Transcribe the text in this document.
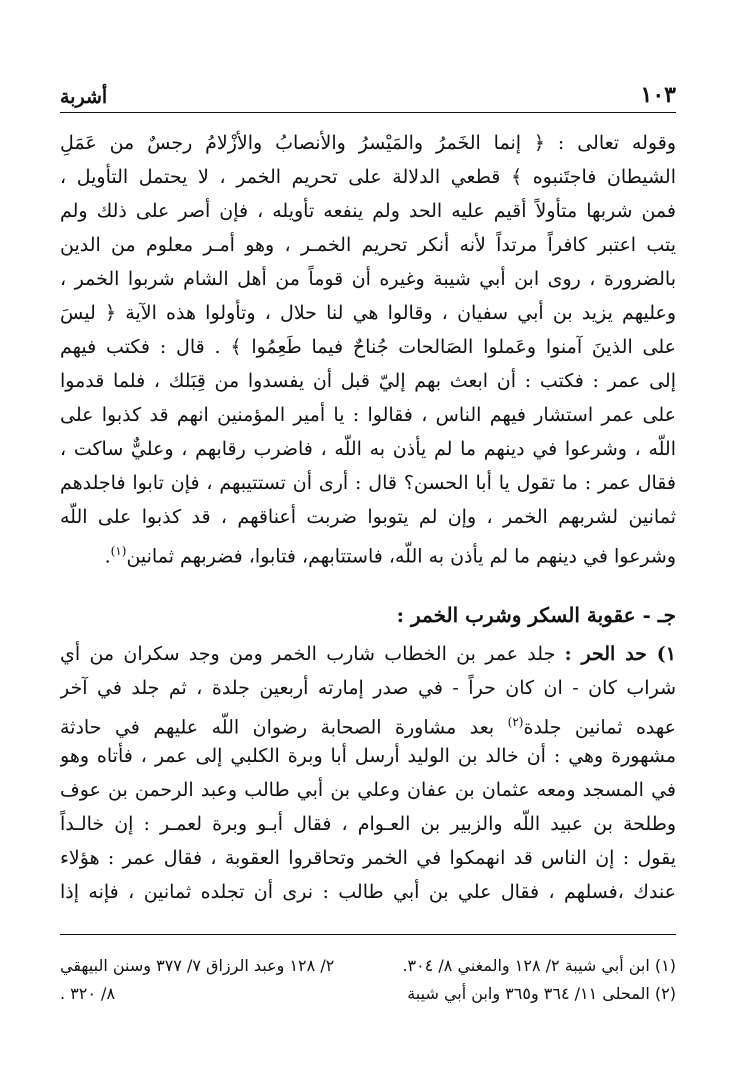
١٠٣
أشربة
وقوله تعالى : ﴿ إنما الخَمرُ والمَيْسرُ والأنصابُ والأزْلامُ رجسٌ من عَمَلِ
الشيطان فاجتَنبوه ﴾ قطعي الدلالة على تحريم الخمر ، لا يحتمل التأويل ،
فمن شربها متأولاً أقيم عليه الحد ولم ينفعه تأويله ، فإن أصر على ذلك ولم
يتب اعتبر كافراً مرتداً لأنه أنكر تحريم الخمـر ، وهو أمـر معلوم من الدين
بالضرورة ، روى ابن أبي شيبة وغيره أن قوماً من أهل الشام شربوا الخمر ،
وعليهم يزيد بن أبي سفيان ، وقالوا هي لنا حلال ، وتأولوا هذه الآية ﴿ ليسَ
على الذينَ آمنوا وعَملوا الصَالحات جُناحٌ فيما طَعِمُوا ﴾ . قال : فكتب فيهم
إلى عمر : فكتب : أن ابعث بهم إليّ قبل أن يفسدوا من قِبَلك ، فلما قدموا
على عمر استشار فيهم الناس ، فقالوا : يا أمير المؤمنين انهم قد كذبوا على
اللّه ، وشرعوا في دينهم ما لم يأذن به اللّه ، فاضرب رقابهم ، وعليٌّ ساكت ،
فقال عمر : ما تقول يا أبا الحسن؟ قال : أرى أن تستتيبهم ، فإن تابوا فاجلدهم
ثمانين لشربهم الخمر ، وإن لم يتوبوا ضربت أعناقهم ، قد كذبوا على اللّه
وشرعوا في دينهم ما لم يأذن به اللّه، فاستتابهم، فتابوا، فضربهم ثمانين$^{(١)}$.
جـ - عقوبة السكر وشرب الخمر :
١) حد الحر : جلد عمر بن الخطاب شارب الخمر ومن وجد سكران من أي
شراب كان - ان كان حراً - في صدر إمارته أربعين جلدة ، ثم جلد في آخر
عهده ثمانين جلدة$^{(٢)}$ بعد مشاورة الصحابة رضوان اللّه عليهم في حادثة
مشهورة وهي : أن خالد بن الوليد أرسل أبا وبرة الكلبي إلى عمر ، فأتاه وهو
في المسجد ومعه عثمان بن عفان وعلي بن أبي طالب وعبد الرحمن بن عوف
وطلحة بن عبيد اللّه والزبير بن العـوام ، فقال أبـو وبرة لعمـر : إن خالـداً
يقول : إن الناس قد انهمكوا في الخمر وتحاقروا العقوبة ، فقال عمر : هؤلاء
عندك ،فسلهم ، فقال علي بن أبي طالب : نرى أن تجلده ثمانين ، فإنه إذا
(١) ابن أبي شيبة ٢/ ١٢٨ والمغني ٨/ ٣٠٤.
٢/ ١٢٨ وعبد الرزاق ٧/ ٣٧٧ وسنن البيهقي
(٢) المحلى ١١/ ٣٦٤ و٣٦٥ وابن أبي شيبة
٨/ ٣٢٠ .
